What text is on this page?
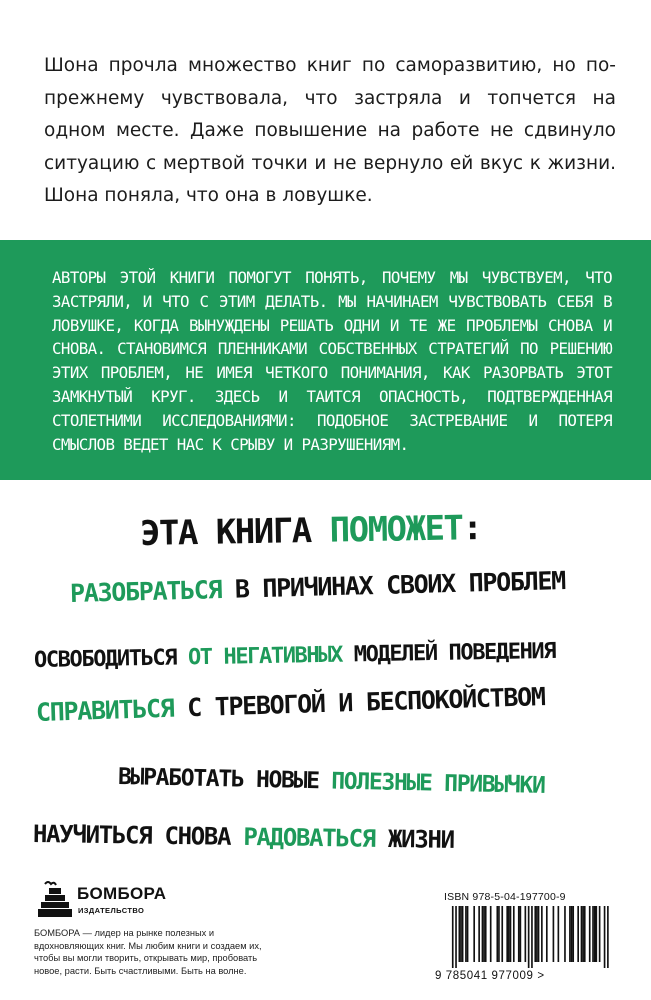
Шона прочла множество книг по саморазвитию, но по-прежнему чувствовала, что застряла и топчется на одном месте. Даже повышение на работе не сдвинуло ситуацию с мертвой точки и не вернуло ей вкус к жизни. Шона поняла, что она в ловушке.
АВТОРЫ ЭТОЙ КНИГИ ПОМОГУТ ПОНЯТЬ, ПОЧЕМУ МЫ ЧУВСТВУЕМ, ЧТО ЗАСТРЯЛИ, И ЧТО С ЭТИМ ДЕЛАТЬ. МЫ НАЧИНАЕМ ЧУВСТВОВАТЬ СЕБЯ В ЛОВУШКЕ, КОГДА ВЫНУЖДЕНЫ РЕШАТЬ ОДНИ И ТЕ ЖЕ ПРОБЛЕМЫ СНОВА И СНОВА. СТАНОВИМСЯ ПЛЕННИКАМИ СОБСТВЕННЫХ СТРАТЕГИЙ ПО РЕШЕНИЮ ЭТИХ ПРОБЛЕМ, НЕ ИМЕЯ ЧЕТКОГО ПОНИМАНИЯ, КАК РАЗОРВАТЬ ЭТОТ ЗАМКНУТЫЙ КРУГ. ЗДЕСЬ И ТАИТСЯ ОПАСНОСТЬ, ПОДТВЕРЖДЕННАЯ СТОЛЕТНИМИ ИССЛЕДОВАНИЯМИ: ПОДОБНОЕ ЗАСТРЕВАНИЕ И ПОТЕРЯ СМЫСЛОВ ВЕДЕТ НАС К СРЫВУ И РАЗРУШЕНИЯМ.
ЭТА КНИГА ПОМОЖЕТ:
РАЗОБРАТЬСЯ В ПРИЧИНАХ СВОИХ ПРОБЛЕМ
ОСВОБОДИТЬСЯ ОТ НЕГАТИВНЫХ МОДЕЛЕЙ ПОВЕДЕНИЯ
СПРАВИТЬСЯ С ТРЕВОГОЙ И БЕСПОКОЙСТВОМ
ВЫРАБОТАТЬ НОВЫЕ ПОЛЕЗНЫЕ ПРИВЫЧКИ
НАУЧИТЬСЯ СНОВА РАДОВАТЬСЯ ЖИЗНИ
БОМБОРА
ИЗДАТЕЛЬСТВО
БОМБОРА — лидер на рынке полезных и вдохновляющих книг. Мы любим книги и создаем их, чтобы вы могли творить, открывать мир, пробовать новое, расти. Быть счастливыми. Быть на волне.
ISBN 978-5-04-197700-9
9 785041 977009 >
